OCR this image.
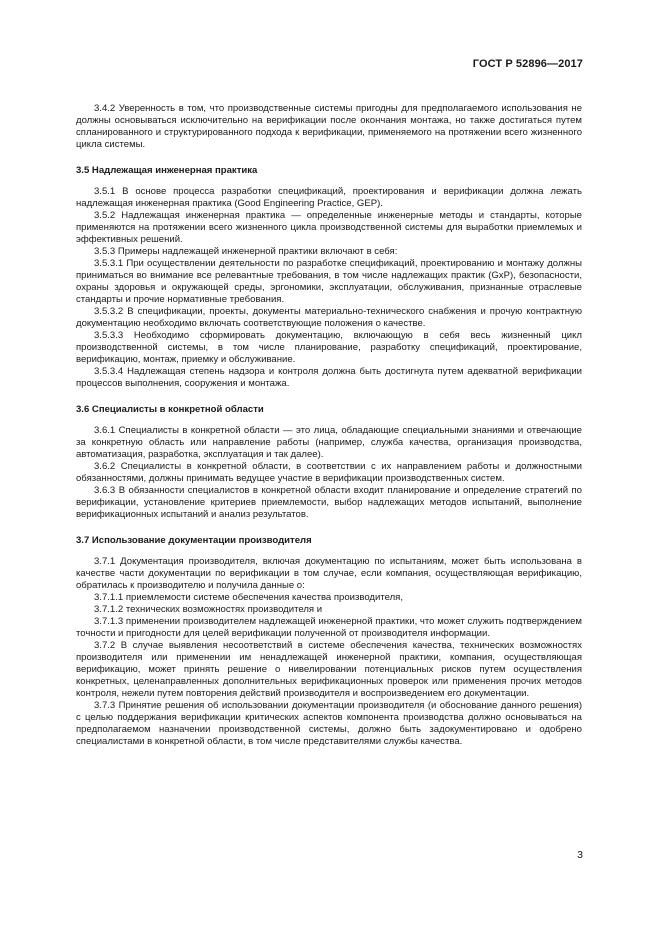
ГОСТ Р 52896—2017

3.4.2 Уверенность в том, что производственные системы пригодны для предполагаемого использования не должны основываться исключительно на верификации после окончания монтажа, но также достигаться путем спланированного и структурированного подхода к верификации, применяемого на протяжении всего жизненного цикла системы.

3.5 Надлежащая инженерная практика

3.5.1 В основе процесса разработки спецификаций, проектирования и верификации должна лежать надлежащая инженерная практика (Good Engineering Practice, GEP).

3.5.2 Надлежащая инженерная практика — определенные инженерные методы и стандарты, которые применяются на протяжении всего жизненного цикла производственной системы для выработки приемлемых и эффективных решений.

3.5.3 Примеры надлежащей инженерной практики включают в себя:

3.5.3.1 При осуществлении деятельности по разработке спецификаций, проектированию и монтажу должны приниматься во внимание все релевантные требования, в том числе надлежащих практик (GxP), безопасности, охраны здоровья и окружающей среды, эргономики, эксплуатации, обслуживания, признанные отраслевые стандарты и прочие нормативные требования.

3.5.3.2 В спецификации, проекты, документы материально-технического снабжения и прочую контрактную документацию необходимо включать соответствующие положения о качестве.

3.5.3.3 Необходимо сформировать документацию, включающую в себя весь жизненный цикл производственной системы, в том числе планирование, разработку спецификаций, проектирование, верификацию, монтаж, приемку и обслуживание.

3.5.3.4 Надлежащая степень надзора и контроля должна быть достигнута путем адекватной верификации процессов выполнения, сооружения и монтажа.

3.6 Специалисты в конкретной области

3.6.1 Специалисты в конкретной области — это лица, обладающие специальными знаниями и отвечающие за конкретную область или направление работы (например, служба качества, организация производства, автоматизация, разработка, эксплуатация и так далее).

3.6.2 Специалисты в конкретной области, в соответствии с их направлением работы и должностными обязанностями, должны принимать ведущее участие в верификации производственных систем.

3.6.3 В обязанности специалистов в конкретной области входит планирование и определение стратегий по верификации, установление критериев приемлемости, выбор надлежащих методов испытаний, выполнение верификационных испытаний и анализ результатов.

3.7 Использование документации производителя

3.7.1 Документация производителя, включая документацию по испытаниям, может быть использована в качестве части документации по верификации в том случае, если компания, осуществляющая верификацию, обратилась к производителю и получила данные о:

3.7.1.1 приемлемости системе обеспечения качества производителя,

3.7.1.2 технических возможностях производителя и

3.7.1.3 применении производителем надлежащей инженерной практики, что может служить подтверждением точности и пригодности для целей верификации полученной от производителя информации.

3.7.2 В случае выявления несоответствий в системе обеспечения качества, технических возможностях производителя или применении им ненадлежащей инженерной практики, компания, осуществляющая верификацию, может принять решение о нивелировании потенциальных рисков путем осуществления конкретных, целенаправленных дополнительных верификационных проверок или применения прочих методов контроля, нежели путем повторения действий производителя и воспроизведением его документации.

3.7.3 Принятие решения об использовании документации производителя (и обоснование данного решения) с целью поддержания верификации критических аспектов компонента производства должно основываться на предполагаемом назначении производственной системы, должно быть задокументировано и одобрено специалистами в конкретной области, в том числе представителями службы качества.

3
